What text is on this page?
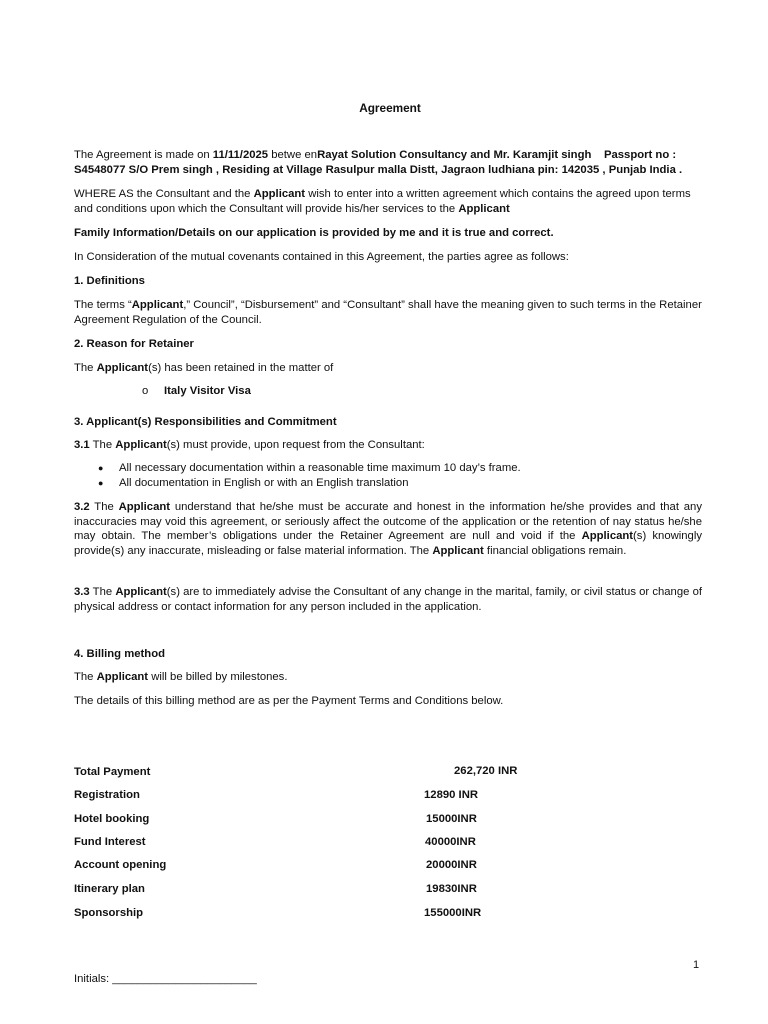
Agreement
The Agreement is made on 11/11/2025 betwe enRayat Solution Consultancy and Mr. Karamjit singh Passport no : S4548077 S/O Prem singh , Residing at Village Rasulpur malla Distt, Jagraon ludhiana pin: 142035 , Punjab India .
WHERE AS the Consultant and the Applicant wish to enter into a written agreement which contains the agreed upon terms and conditions upon which the Consultant will provide his/her services to the Applicant
Family Information/Details on our application is provided by me and it is true and correct.
In Consideration of the mutual covenants contained in this Agreement, the parties agree as follows:
1. Definitions
The terms “Applicant,” Council”, “Disbursement” and “Consultant” shall have the meaning given to such terms in the Retainer Agreement Regulation of the Council.
2. Reason for Retainer
The Applicant(s) has been retained in the matter of
o Italy Visitor Visa
3. Applicant(s) Responsibilities and Commitment
3.1 The Applicant(s) must provide, upon request from the Consultant:
● All necessary documentation within a reasonable time maximum 10 day’s frame.
● All documentation in English or with an English translation
3.2 The Applicant understand that he/she must be accurate and honest in the information he/she provides and that any inaccuracies may void this agreement, or seriously affect the outcome of the application or the retention of nay status he/she may obtain. The member’s obligations under the Retainer Agreement are null and void if the Applicant(s) knowingly provide(s) any inaccurate, misleading or false material information. The Applicant financial obligations remain.
3.3 The Applicant(s) are to immediately advise the Consultant of any change in the marital, family, or civil status or change of physical address or contact information for any person included in the application.
4. Billing method
The Applicant will be billed by milestones.
The details of this billing method are as per the Payment Terms and Conditions below.
Total Payment	262,720 INR
Registration	12890 INR
Hotel booking	15000INR
Fund Interest	40000INR
Account opening	20000INR
Itinerary plan	19830INR
Sponsorship	155000INR
1
Initials: _______________________
